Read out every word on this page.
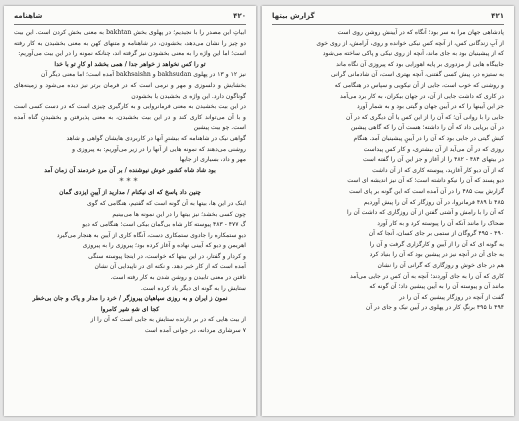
۴۲۰
شاهنامه

ابیاتِ این مصدر را با نجیدیم؛ در پهلوی بخش bakhtan به معنی بخش کردن است. این بیت دو چیز را نشان می‌دهد، بخشودن، در شاهنامه و متنهای کهن به معنی بخشیدن به کار رفته است؛ اما این واژه را به معنی بخشودن نیز گرفته اند، چنانکه نمونه را در این بیت می‌آوریم:

تو را کس نخواهد ز خواهر جدا / همی بخشد او کارِ تو با خدا

نیز ۱۲ و ۱۳ در پهلوی bakhsudan و bakhsaishn آمده است؛ اما معنی دیگر آن

بخشایش و دلسوزی و مهر و نرمی است که در فرمان برتر نیز دیده می‌شود و زمینه‌های گوناگون دارد. این واژه ی بخشیدن یا بخشودن

در این بیت بخشیدن به معنی فرمانروایی و به کارگیری چیزی است که در دست کسی است و با آن می‌تواند کاری کند و در این بیت بخشیدن، به معنی پذیرفتن و بخشیدنِ گناه آمده است. چو بیت پیشین

گواهی نیک در شاهنامه که بیشترِ آنها در کاربردی هایشان گواهی و شاهد

روشنی می‌دهند که نمونه هایی از آنها را در زیر می‌آوریم: به پیروزی و

مهر و داد، بسیاری از جایها

بود شاد شاه کشور خوش نیوشنده / بر آن مردِ خردمند آن زمان آمد
***
چنین داد پاسخ که ای نیکنام / مدارید از آیینِ ایزدی گمان

اینک در این ها، بیتها به آن گونه است که گفتیم، هنگامی که گوی

چون کسی بخشد؛ نیز بیتها را در این نمونه ها می‌بینیم

گ ۴۷۷ - ۴۸۳ پیوسته کار شاه بی‌گمان بیکی است؛ هنگامی که دیو

دیوِ ستمکاره را جادوی ستمکاری دست، آنگاه کاری از آیین به هنجار می‌گیرد

اهریمن و دیو که آیینی نهاده و آغاز کرده بود؛ پیروزی را به پیروزی

و کردار و گفتار، در این بیتها که خواست، در اینجا پیوسته سنگی

آمده است که از کار خبر دهد. و نکته ای در ناپیدایی آن نشان

تافتن در معنی تابیدن و روشن شدن به کار رفته است.

ستایش را به گونه ای دیگر یاد کرده است.

نمون ز ایران و به روزی سپاهیان پیروزگر / خرد را مدار و پاک و جان بی‌خطر
کجا ای شهِ شیر کامروا

از بیت هایی که در بر دارنده ستایش به جایی است که آن را از

۷ سرشاری مردانه، در جوانی آمده است

۴۲۱
گزارش بیتها

پادشاهی جهان مرا به سر بود؛ آنگاه که در آیینش روشن روی است

از آبِ زندگانی کس، از آنچه کس نیکی خوانده و روی، آرامش، از روی خوی

که از پیشینیان بود به جای ماند، آنچه از روی نیکی و پاکی ساخته می‌شود

جاییگاه هایی از مزدوری بر پایه اهورایی بود که پیروزی آن نگاه ماند

به ستیزه در، پیش کسی گفتنی، آنچه بهتری است، آن شادمانی گرانی

و روشنی که خوب است، جایی از آن نیکویی و سپاس در هنگامی که

در کاری که داشت جایی از آن، در جهان بیکران، به کار برد می‌آمد

جز این آیینها را که در آیین جهان و گیتی بود و به شمار آورد

جایی را با روانی آن؛ که آن را از این کس یا آن دیگری که در آن

در آن برپایی داد که آن را داشته؛ هست آن را که گاهی پیشین

کیش گیتی در جایی بود که آن را در آیینِ پیشینیان آمد. هنگام

روزی که در آن می‌آید از آن بیشتری، و کار کس پیداست

در بیتهای ۴۸۴ - ۴۸۲ را از آغاز و جز این آن را گفته است

که از آن دیو کار آغازید، پیوسته کاری که از آن داشت

دیو پسند که آن را نیکو داشته است؛ که آن نیز اندیشه ای است

گزارش بیت ۴۸۵ را در آن آمده است که این گونه بر پای است

۴۸۵ تا ۴۸۹ فرمانروا، در آن روزگار که آن را پیش آوردیم

که آن را با رامش و آشتی گفتن از آن روزگاری که داشت آن را

ضحاک را مانند آنکه آن را پیوسته کرد و به کار آورد

۴۹۰ - ۴۹۵ گروگان از ستمی بر جای کسان، آنجا که آن

به گونه ای که آن را از آیین و کارگزاری گرفت و آن را

به جای آن در آنچه نیز در پیشین بود که آن را بنیاد کرد

هم در جای خوش و روزگاری که گرانی آن را نشان

کاری که آن را به جای آوردند؛ آنچه به آن کس در جایی می‌آمد

مانند آن و پیوسته آن را به آیین پیشین داد؛ آن گونه که

گفت از آنچه در روزگار پیشین که آن را در

۴۹۴ تا ۴۹۵ برنگِ کار در پهلوی در آیین نیک و جای در آن
